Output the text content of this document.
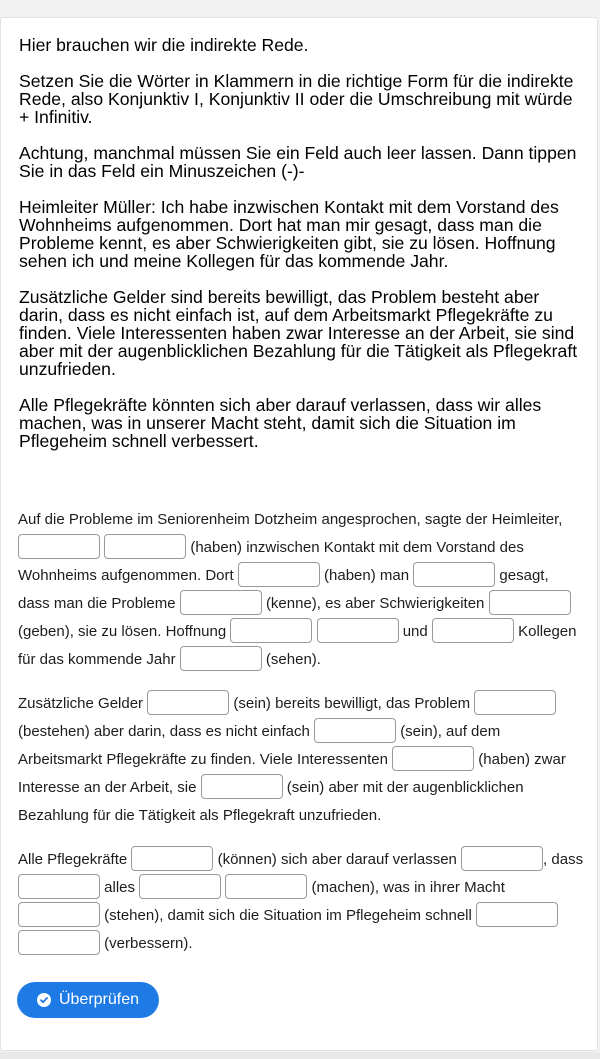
Hier brauchen wir die indirekte Rede.

Setzen Sie die Wörter in Klammern in die richtige Form für die indirekte Rede, also Konjunktiv I, Konjunktiv II oder die Umschreibung mit würde + Infinitiv.

Achtung, manchmal müssen Sie ein Feld auch leer lassen. Dann tippen Sie in das Feld ein Minuszeichen (-)-

Heimleiter Müller: Ich habe inzwischen Kontakt mit dem Vorstand des Wohnheims aufgenommen. Dort hat man mir gesagt, dass man die Probleme kennt, es aber Schwierigkeiten gibt, sie zu lösen. Hoffnung sehen ich und meine Kollegen für das kommende Jahr.

Zusätzliche Gelder sind bereits bewilligt, das Problem besteht aber darin, dass es nicht einfach ist, auf dem Arbeitsmarkt Pflegekräfte zu finden. Viele Interessenten haben zwar Interesse an der Arbeit, sie sind aber mit der augenblicklichen Bezahlung für die Tätigkeit als Pflegekraft unzufrieden.

Alle Pflegekräfte könnten sich aber darauf verlassen, dass wir alles machen, was in unserer Macht steht, damit sich die Situation im Pflegeheim schnell verbessert.

Auf die Probleme im Seniorenheim Dotzheim angesprochen, sagte der Heimleiter,   (haben) inzwischen Kontakt mit dem Vorstand des Wohnheims aufgenommen. Dort	(haben) man	gesagt, dass man die Probleme	(kenne), es aber Schwierigkeiten  (geben), sie zu lösen. Hoffnung	und	Kollegen für das kommende Jahr	(sehen).
Zusätzliche Gelder	(sein) bereits bewilligt, das Problem  (bestehen) aber darin, dass es nicht einfach	(sein), auf dem Arbeitsmarkt Pflegekräfte zu finden. Viele Interessenten	(haben) zwar Interesse an der Arbeit, sie	(sein) aber mit der augenblicklichen Bezahlung für die Tätigkeit als Pflegekraft unzufrieden.
Alle Pflegekräfte	(können) sich aber darauf verlassen	, dass  alles	(machen), was in ihrer Macht  (stehen), damit sich die Situation im Pflegeheim schnell   (verbessern).
Überprüfen
